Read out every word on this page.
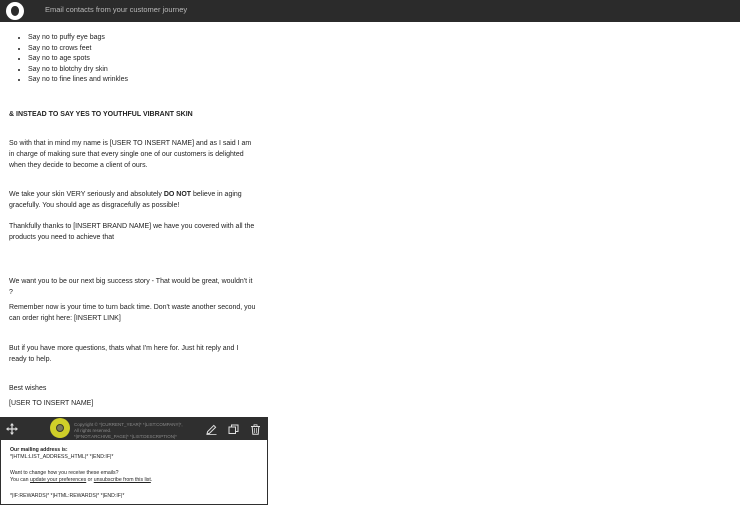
Email contacts from your customer journey
• Say no to puffy eye bags
• Say no to crows feet
• Say no to age spots
• Say no to blotchy dry skin
• Say no to fine lines and wrinkles

& INSTEAD TO SAY YES TO YOUTHFUL VIBRANT SKIN

So with that in mind my name is [USER TO INSERT NAME] and as I said I am
in charge of making sure that every single one of our customers is delighted
when they decide to become a client of ours.
We take your skin VERY seriously and absolutely DO NOT believe in aging
gracefully. You should age as disgracefully as possible!
Thankfully thanks to [INSERT BRAND NAME] we have you covered with all the
products you need to achieve that
We want you to be our next big success story - That would be great, wouldn't it
?
Remember now is your time to turn back time. Don't waste another second, you
can order right here: [INSERT LINK]
But if you have more questions, thats what I'm here for. Just hit reply and I
ready to help.
Best wishes
[USER TO INSERT NAME]
Copyright © *|CURRENT_YEAR|* *|LIST:COMPANY|*, All rights reserved.
*|IFNOT:ARCHIVE_PAGE|* *|LIST:DESCRIPTION|*
Our mailing address is:
*|HTML:LIST_ADDRESS_HTML|* *|END:IF|*
Want to change how you receive these emails?
You can update your preferences or unsubscribe from this list.
*|IF:REWARDS|* *|HTML:REWARDS|* *|END:IF|*
